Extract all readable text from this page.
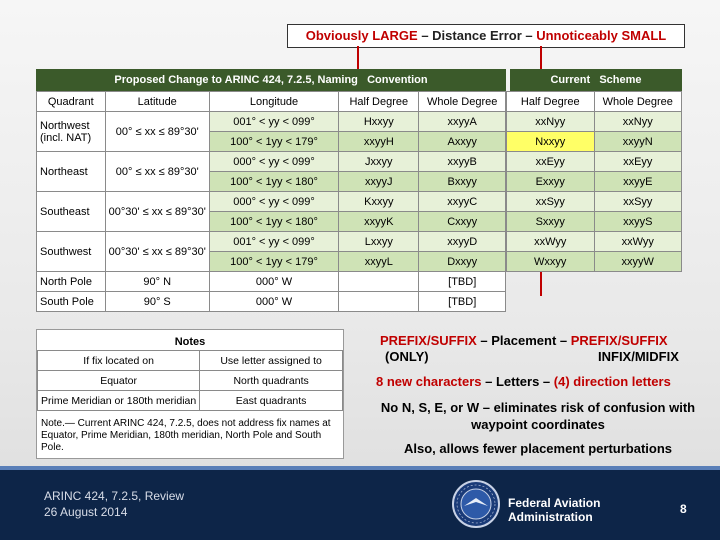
Obviously LARGE – Distance Error – Unnoticeably SMALL
Proposed Change to ARINC 424, 7.2.5, Naming Convention	Current Scheme
Quadrant	Latitude	Longitude	Half Degree	Whole Degree
Northwest (incl. NAT)	00° ≤ xx ≤ 89°30'	001° < yy < 099°	Hxxyy	xxyyA
		100° < 1yy < 179°	xxyyH	Axxyy
Northeast	00° ≤ xx ≤ 89°30'	000° < yy < 099°	Jxxyy	xxyyB
		100° < 1yy < 180°	xxyyJ	Bxxyy
Southeast	00°30' ≤ xx ≤ 89°30'	000° < yy < 099°	Kxxyy	xxyyC
		100° < 1yy < 180°	xxyyK	Cxxyy
Southwest	00°30' ≤ xx ≤ 89°30'	001° < yy < 099°	Lxxyy	xxyyD
		100° < 1yy < 179°	xxyyL	Dxxyy
North Pole	90° N	000° W		[TBD]
South Pole	90° S	000° W		[TBD]
Half Degree	Whole Degree
xxNyy	xxNyy
Nxxyy	xxyyN
xxEyy	xxEyy
Exxyy	xxyyE
xxSyy	xxSyy
Sxxyy	xxyyS
xxWyy	xxWyy
Wxxyy	xxyyW
Notes
If fix located on	Use letter assigned to
Equator	North quadrants
Prime Meridian or 180th meridian	East quadrants
Note.— Current ARINC 424, 7.2.5, does not address fix names at Equator, Prime Meridian, 180th meridian, North Pole and South Pole.
PREFIX/SUFFIX – Placement – PREFIX/SUFFIX
(ONLY)	INFIX/MIDFIX
8 new characters – Letters – (4) direction letters
No N, S, E, or W – eliminates risk of confusion with waypoint coordinates
Also, allows fewer placement perturbations
ARINC 424, 7.2.5, Review
26 August 2014
Federal Aviation
Administration
8
